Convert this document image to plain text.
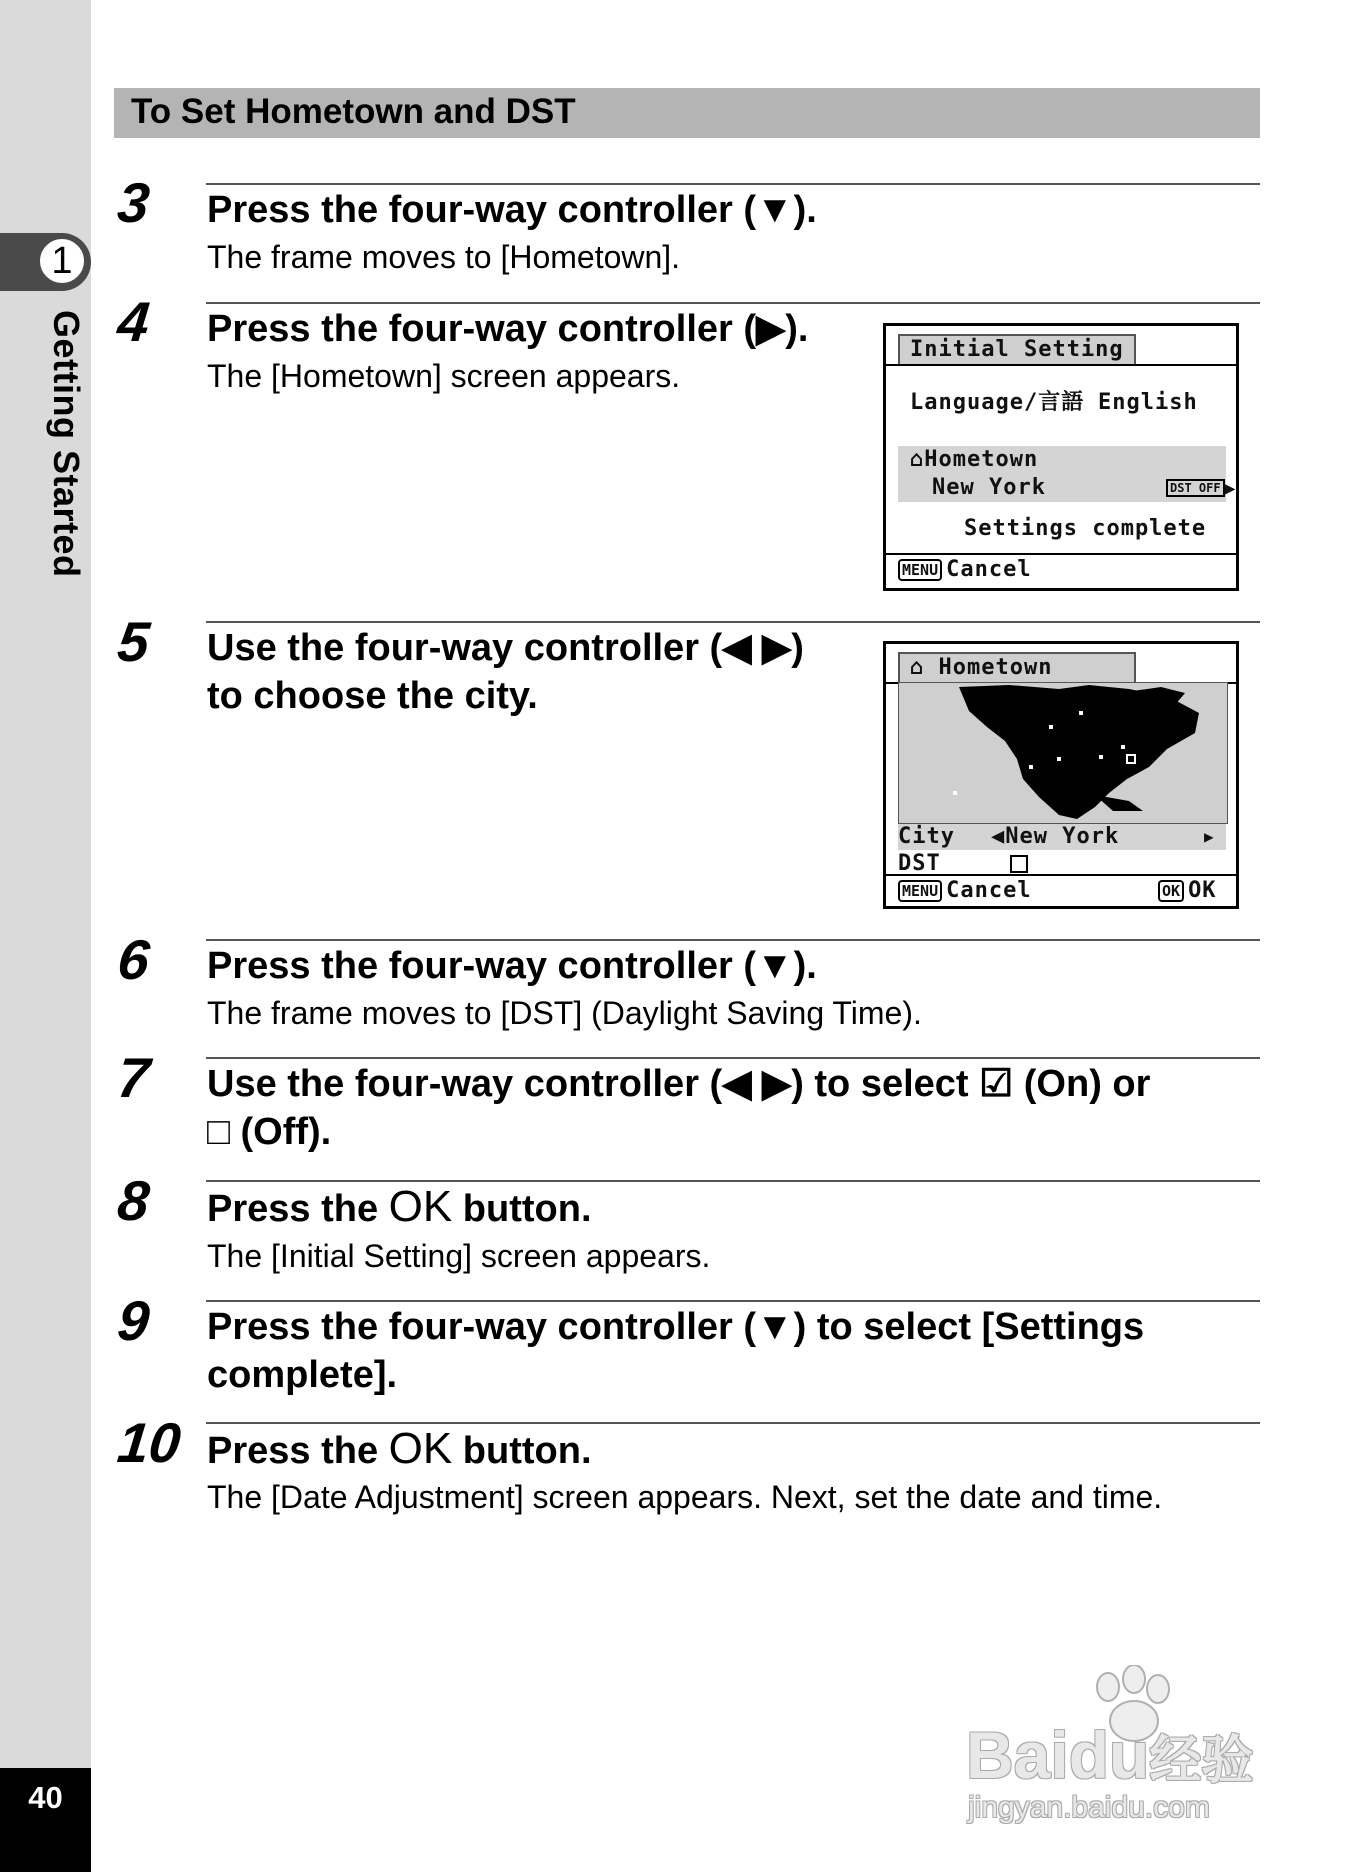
1
Getting Started
40
To Set Hometown and DST
3 Press the four-way controller (▼).
The frame moves to [Hometown].
4 Press the four-way controller (▶).
The [Hometown] screen appears.
Initial Setting
Language/言語 English
⌂Hometown
New York	DST OFF ▶
Settings complete
MENU Cancel
5 Use the four-way controller (◀ ▶)
to choose the city.
⌂ Hometown
City ◀New York	▶
DST
MENU Cancel	OK OK
6 Press the four-way controller (▼).
The frame moves to [DST] (Daylight Saving Time).
7 Use the four-way controller (◀ ▶) to select ☑ (On) or
□ (Off).
8 Press the OK button.
The [Initial Setting] screen appears.
9 Press the four-way controller (▼) to select [Settings
complete].
10 Press the OK button.
The [Date Adjustment] screen appears. Next, set the date and time.
Baidu经验
jingyan.baidu.com
